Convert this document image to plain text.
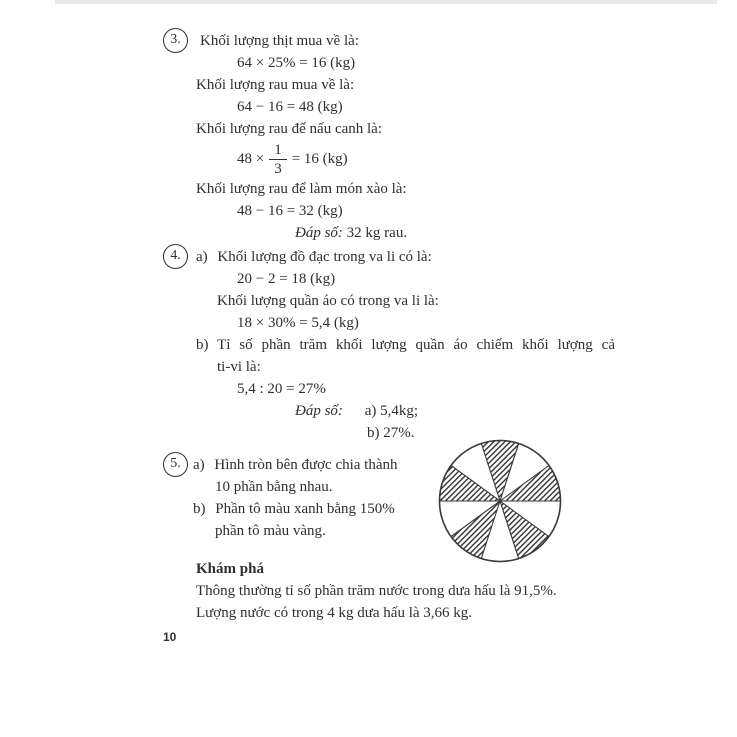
3.	Khối lượng thịt mua về là:
64 × 25% = 16 (kg)
Khối lượng rau mua về là:
64 − 16 = 48 (kg)
Khối lượng rau để nấu canh là:
$48 \times \frac{1}{3} = 16$ (kg)
Khối lượng rau để làm món xào là:
48 − 16 = 32 (kg)
Đáp số: 32 kg rau.
4.	a) Khối lượng đồ đạc trong va li có là:
20 − 2 = 18 (kg)
Khối lượng quần áo có trong va li là:
18 × 30% = 5,4 (kg)
b) Tỉ số phần trăm khối lượng quần áo chiếm khối lượng cả
ti-vi là:
5,4 : 20 = 27%
Đáp số: a) 5,4kg;
b) 27%.
5. a) Hình tròn bên được chia thành
10 phần bằng nhau.
b) Phần tô màu xanh bằng 150%
phần tô màu vàng.
Khám phá
Thông thường tỉ số phần trăm nước trong dưa hấu là 91,5%.
Lượng nước có trong 4 kg dưa hấu là 3,66 kg.
10
